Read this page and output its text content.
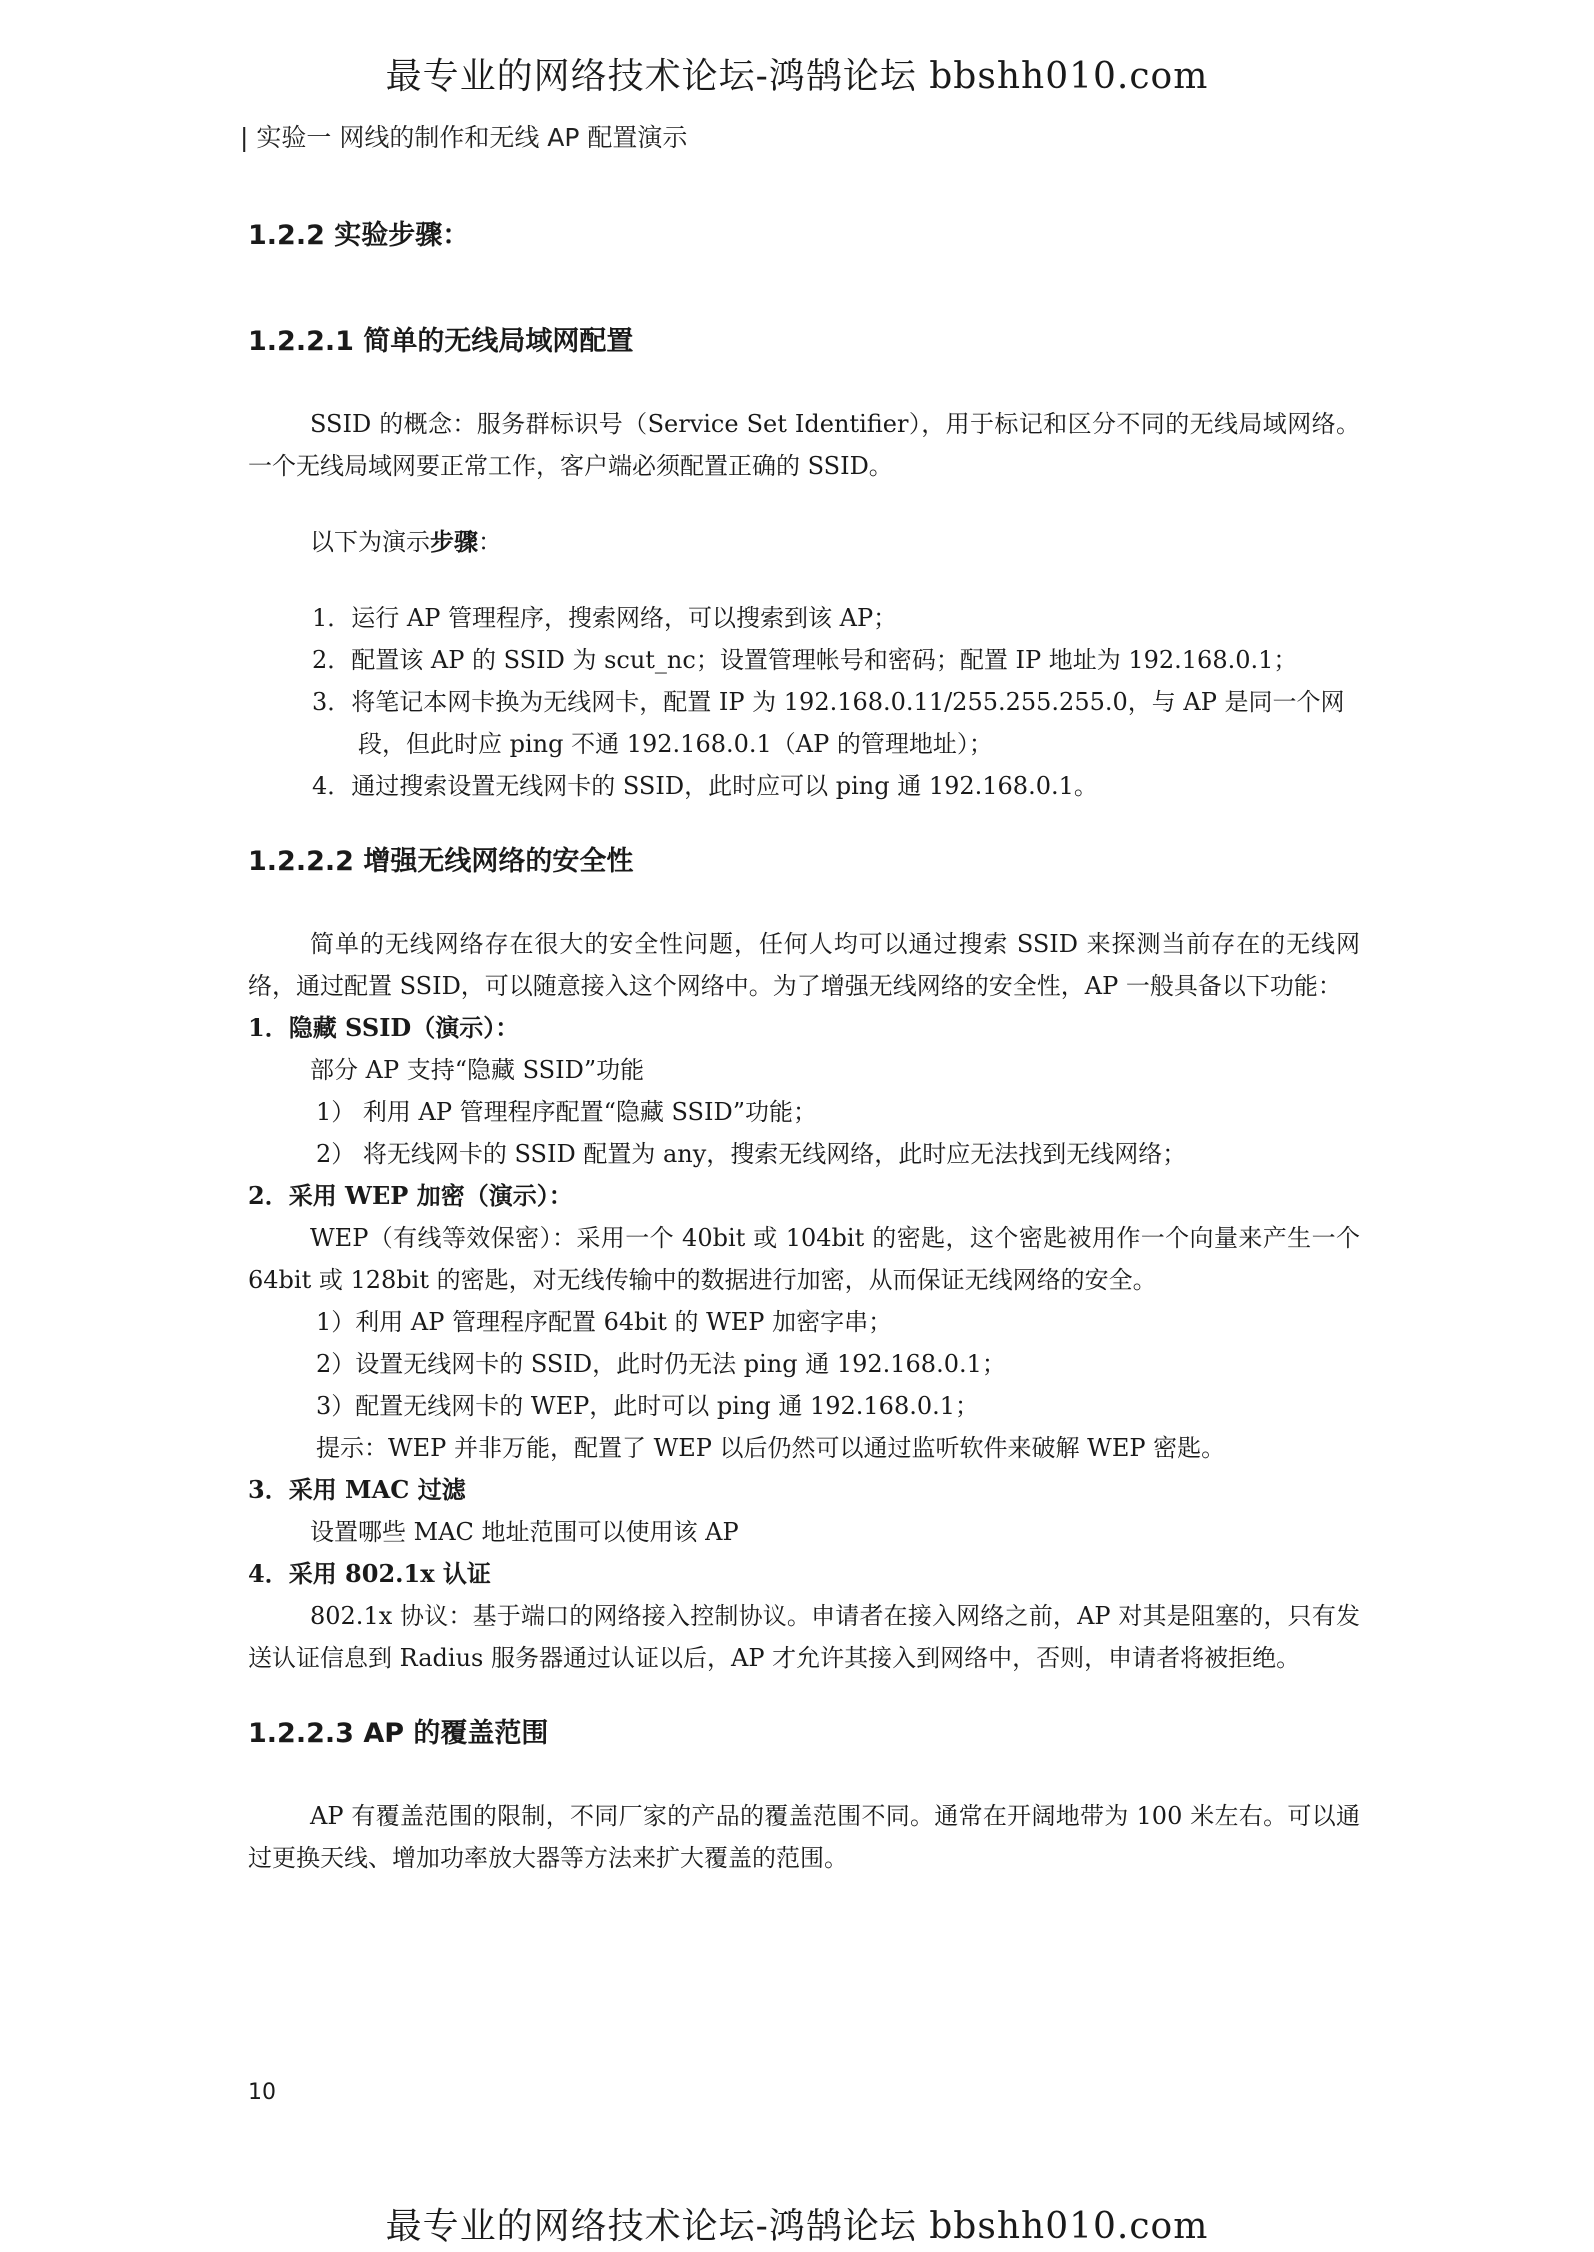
最专业的网络技术论坛-鸿鹄论坛 bbshh010.com
| 实验一 网线的制作和无线 AP 配置演示
1.2.2 实验步骤：
1.2.2.1 简单的无线局域网配置

SSID 的概念：服务群标识号（Service Set Identifier），用于标记和区分不同的无线局域网络。一个无线局域网要正常工作，客户端必须配置正确的 SSID。

以下为演示步骤：

1．运行 AP 管理程序，搜索网络，可以搜索到该 AP；
2．配置该 AP 的 SSID 为 scut_nc；设置管理帐号和密码；配置 IP 地址为 192.168.0.1；
3．将笔记本网卡换为无线网卡，配置 IP 为 192.168.0.11/255.255.255.0，与 AP 是同一个网段，但此时应 ping 不通 192.168.0.1（AP 的管理地址）；
4．通过搜索设置无线网卡的 SSID，此时应可以 ping 通 192.168.0.1。
1.2.2.2 增强无线网络的安全性

简单的无线网络存在很大的安全性问题，任何人均可以通过搜索 SSID 来探测当前存在的无线网络，通过配置 SSID，可以随意接入这个网络中。为了增强无线网络的安全性，AP 一般具备以下功能：

1．隐藏 SSID（演示）：

部分 AP 支持“隐藏 SSID”功能

1） 利用 AP 管理程序配置“隐藏 SSID”功能；

2） 将无线网卡的 SSID 配置为 any，搜索无线网络，此时应无法找到无线网络；

2．采用 WEP 加密（演示）：

WEP（有线等效保密）：采用一个 40bit 或 104bit 的密匙，这个密匙被用作一个向量来产生一个 64bit 或 128bit 的密匙，对无线传输中的数据进行加密，从而保证无线网络的安全。

1）利用 AP 管理程序配置 64bit 的 WEP 加密字串；

2）设置无线网卡的 SSID，此时仍无法 ping 通 192.168.0.1；

3）配置无线网卡的 WEP，此时可以 ping 通 192.168.0.1；

提示：WEP 并非万能，配置了 WEP 以后仍然可以通过监听软件来破解 WEP 密匙。

3．采用 MAC 过滤

设置哪些 MAC 地址范围可以使用该 AP

4．采用 802.1x 认证

802.1x 协议：基于端口的网络接入控制协议。申请者在接入网络之前，AP 对其是阻塞的，只有发送认证信息到 Radius 服务器通过认证以后，AP 才允许其接入到网络中，否则，申请者将被拒绝。

1.2.2.3 AP 的覆盖范围

AP 有覆盖范围的限制，不同厂家的产品的覆盖范围不同。通常在开阔地带为 100 米左右。可以通过更换天线、增加功率放大器等方法来扩大覆盖的范围。

10
最专业的网络技术论坛-鸿鹄论坛 bbshh010.com
